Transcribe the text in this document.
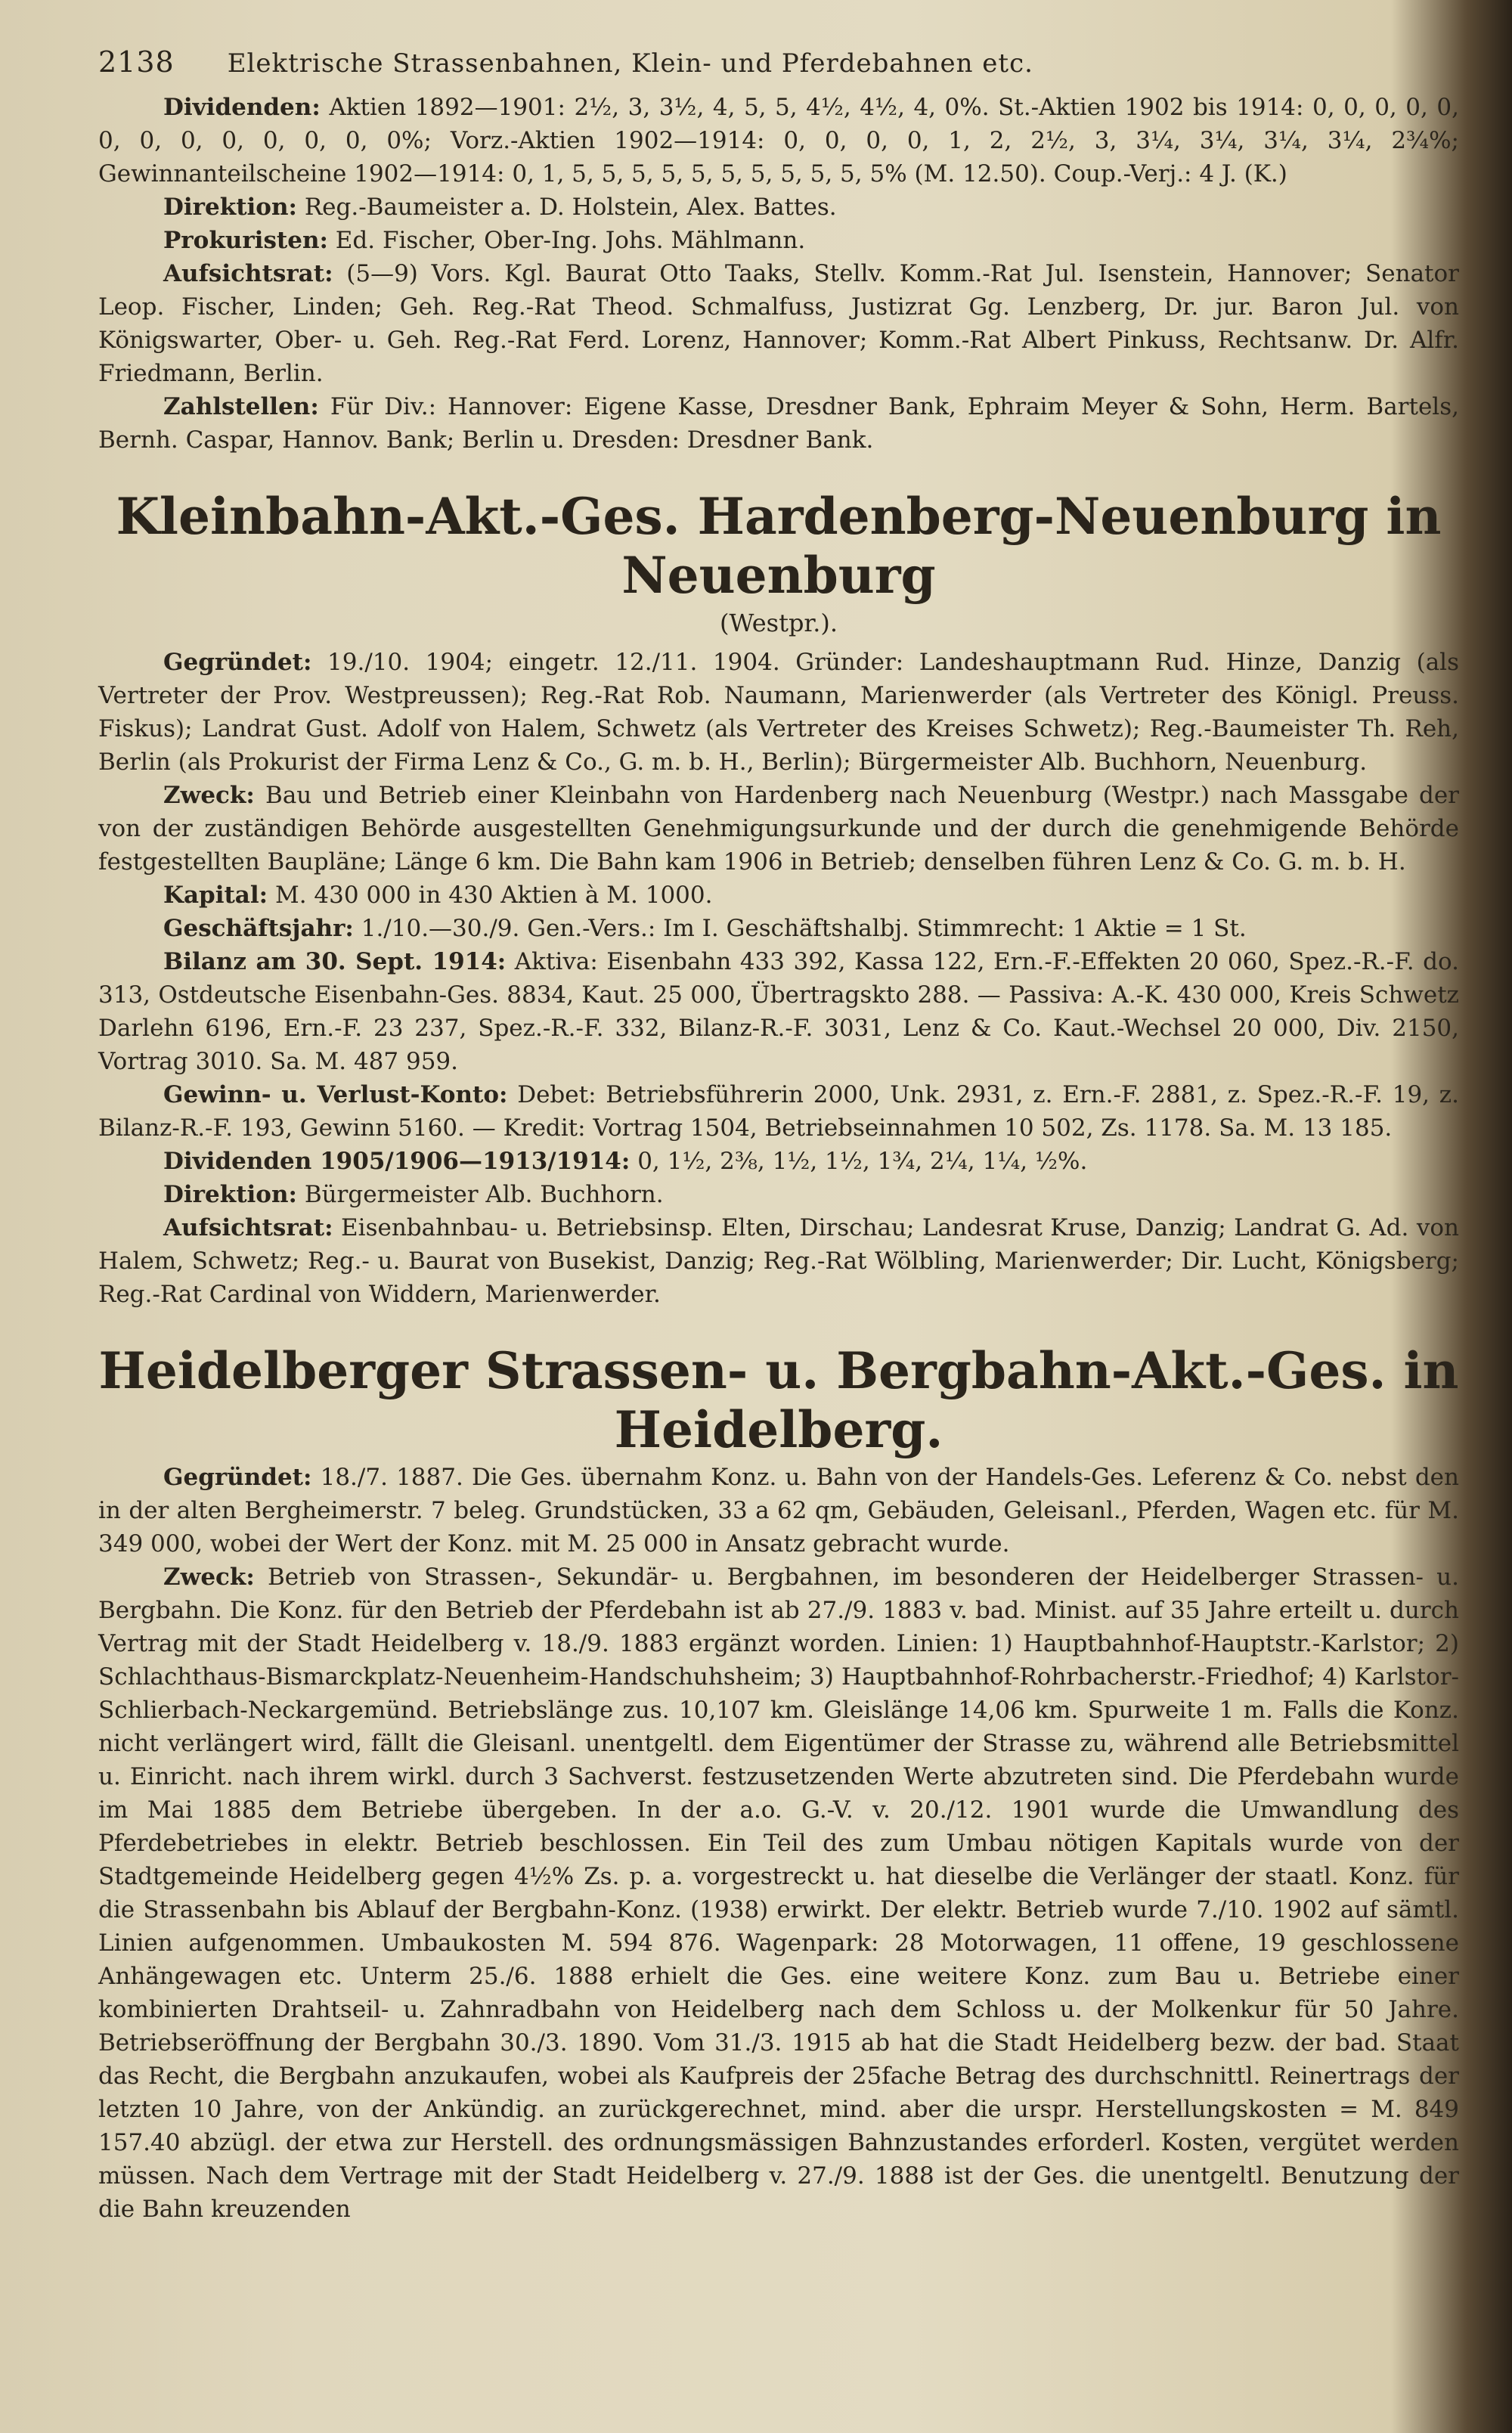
2138 Elektrische Strassenbahnen, Klein- und Pferdebahnen etc.

Dividenden: Aktien 1892—1901: 2½, 3, 3½, 4, 5, 5, 4½, 4½, 4, 0%. St.-Aktien 1902 bis 1914: 0, 0, 0, 0, 0, 0, 0, 0, 0, 0, 0, 0, 0%; Vorz.-Aktien 1902—1914: 0, 0, 0, 0, 1, 2, 2½, 3, 3¼, 3¼, 3¼, 3¼, 2¾%; Gewinnanteilscheine 1902—1914: 0, 1, 5, 5, 5, 5, 5, 5, 5, 5, 5, 5, 5% (M. 12.50). Coup.-Verj.: 4 J. (K.)

Direktion: Reg.-Baumeister a. D. Holstein, Alex. Battes.

Prokuristen: Ed. Fischer, Ober-Ing. Johs. Mählmann.

Aufsichtsrat: (5—9) Vors. Kgl. Baurat Otto Taaks, Stellv. Komm.-Rat Jul. Isenstein, Hannover; Senator Leop. Fischer, Linden; Geh. Reg.-Rat Theod. Schmalfuss, Justizrat Gg. Lenzberg, Dr. jur. Baron Jul. von Königswarter, Ober- u. Geh. Reg.-Rat Ferd. Lorenz, Hannover; Komm.-Rat Albert Pinkuss, Rechtsanw. Dr. Alfr. Friedmann, Berlin.

Zahlstellen: Für Div.: Hannover: Eigene Kasse, Dresdner Bank, Ephraim Meyer & Sohn, Herm. Bartels, Bernh. Caspar, Hannov. Bank; Berlin u. Dresden: Dresdner Bank.

Kleinbahn-Akt.-Ges. Hardenberg-Neuenburg in Neuenburg
(Westpr.).

Gegründet: 19./10. 1904; eingetr. 12./11. 1904. Gründer: Landeshauptmann Rud. Hinze, Danzig (als Vertreter der Prov. Westpreussen); Reg.-Rat Rob. Naumann, Marienwerder (als Vertreter des Königl. Preuss. Fiskus); Landrat Gust. Adolf von Halem, Schwetz (als Vertreter des Kreises Schwetz); Reg.-Baumeister Th. Reh, Berlin (als Prokurist der Firma Lenz & Co., G. m. b. H., Berlin); Bürgermeister Alb. Buchhorn, Neuenburg.

Zweck: Bau und Betrieb einer Kleinbahn von Hardenberg nach Neuenburg (Westpr.) nach Massgabe der von der zuständigen Behörde ausgestellten Genehmigungsurkunde und der durch die genehmigende Behörde festgestellten Baupläne; Länge 6 km. Die Bahn kam 1906 in Betrieb; denselben führen Lenz & Co. G. m. b. H.

Kapital: M. 430 000 in 430 Aktien à M. 1000.

Geschäftsjahr: 1./10.—30./9. Gen.-Vers.: Im I. Geschäftshalbj. Stimmrecht: 1 Aktie = 1 St.

Bilanz am 30. Sept. 1914: Aktiva: Eisenbahn 433 392, Kassa 122, Ern.-F.-Effekten 20 060, Spez.-R.-F. do. 313, Ostdeutsche Eisenbahn-Ges. 8834, Kaut. 25 000, Übertragskto 288. — Passiva: A.-K. 430 000, Kreis Schwetz Darlehn 6196, Ern.-F. 23 237, Spez.-R.-F. 332, Bilanz-R.-F. 3031, Lenz & Co. Kaut.-Wechsel 20 000, Div. 2150, Vortrag 3010. Sa. M. 487 959.

Gewinn- u. Verlust-Konto: Debet: Betriebsführerin 2000, Unk. 2931, z. Ern.-F. 2881, z. Spez.-R.-F. 19, z. Bilanz-R.-F. 193, Gewinn 5160. — Kredit: Vortrag 1504, Betriebseinnahmen 10 502, Zs. 1178. Sa. M. 13 185.

Dividenden 1905/1906—1913/1914: 0, 1½, 2⅜, 1½, 1½, 1¾, 2¼, 1¼, ½%.

Direktion: Bürgermeister Alb. Buchhorn.

Aufsichtsrat: Eisenbahnbau- u. Betriebsinsp. Elten, Dirschau; Landesrat Kruse, Danzig; Landrat G. Ad. von Halem, Schwetz; Reg.- u. Baurat von Busekist, Danzig; Reg.-Rat Wölbling, Marienwerder; Dir. Lucht, Königsberg; Reg.-Rat Cardinal von Widdern, Marienwerder.

Heidelberger Strassen- u. Bergbahn-Akt.-Ges. in Heidelberg.

Gegründet: 18./7. 1887. Die Ges. übernahm Konz. u. Bahn von der Handels-Ges. Leferenz & Co. nebst den in der alten Bergheimerstr. 7 beleg. Grundstücken, 33 a 62 qm, Gebäuden, Geleisanl., Pferden, Wagen etc. für M. 349 000, wobei der Wert der Konz. mit M. 25 000 in Ansatz gebracht wurde.

Zweck: Betrieb von Strassen-, Sekundär- u. Bergbahnen, im besonderen der Heidelberger Strassen- u. Bergbahn. Die Konz. für den Betrieb der Pferdebahn ist ab 27./9. 1883 v. bad. Minist. auf 35 Jahre erteilt u. durch Vertrag mit der Stadt Heidelberg v. 18./9. 1883 ergänzt worden. Linien: 1) Hauptbahnhof-Hauptstr.-Karlstor; 2) Schlachthaus-Bismarckplatz-Neuenheim-Handschuhsheim; 3) Hauptbahnhof-Rohrbacherstr.-Friedhof; 4) Karlstor-Schlierbach-Neckargemünd. Betriebslänge zus. 10,107 km. Gleislänge 14,06 km. Spurweite 1 m. Falls die Konz. nicht verlängert wird, fällt die Gleisanl. unentgeltl. dem Eigentümer der Strasse zu, während alle Betriebsmittel u. Einricht. nach ihrem wirkl. durch 3 Sachverst. festzusetzenden Werte abzutreten sind. Die Pferdebahn wurde im Mai 1885 dem Betriebe übergeben. In der a.o. G.-V. v. 20./12. 1901 wurde die Umwandlung des Pferdebetriebes in elektr. Betrieb beschlossen. Ein Teil des zum Umbau nötigen Kapitals wurde von der Stadtgemeinde Heidelberg gegen 4½% Zs. p. a. vorgestreckt u. hat dieselbe die Verlänger der staatl. Konz. für die Strassenbahn bis Ablauf der Bergbahn-Konz. (1938) erwirkt. Der elektr. Betrieb wurde 7./10. 1902 auf sämtl. Linien aufgenommen. Umbaukosten M. 594 876. Wagenpark: 28 Motorwagen, 11 offene, 19 geschlossene Anhängewagen etc. Unterm 25./6. 1888 erhielt die Ges. eine weitere Konz. zum Bau u. Betriebe einer kombinierten Drahtseil- u. Zahnradbahn von Heidelberg nach dem Schloss u. der Molkenkur für 50 Jahre. Betriebseröffnung der Bergbahn 30./3. 1890. Vom 31./3. 1915 ab hat die Stadt Heidelberg bezw. der bad. Staat das Recht, die Bergbahn anzukaufen, wobei als Kaufpreis der 25fache Betrag des durchschnittl. Reinertrags der letzten 10 Jahre, von der Ankündig. an zurückgerechnet, mind. aber die urspr. Herstellungskosten = M. 849 157.40 abzügl. der etwa zur Herstell. des ordnungsmässigen Bahnzustandes erforderl. Kosten, vergütet werden müssen. Nach dem Vertrage mit der Stadt Heidelberg v. 27./9. 1888 ist der Ges. die unentgeltl. Benutzung der die Bahn kreuzenden
